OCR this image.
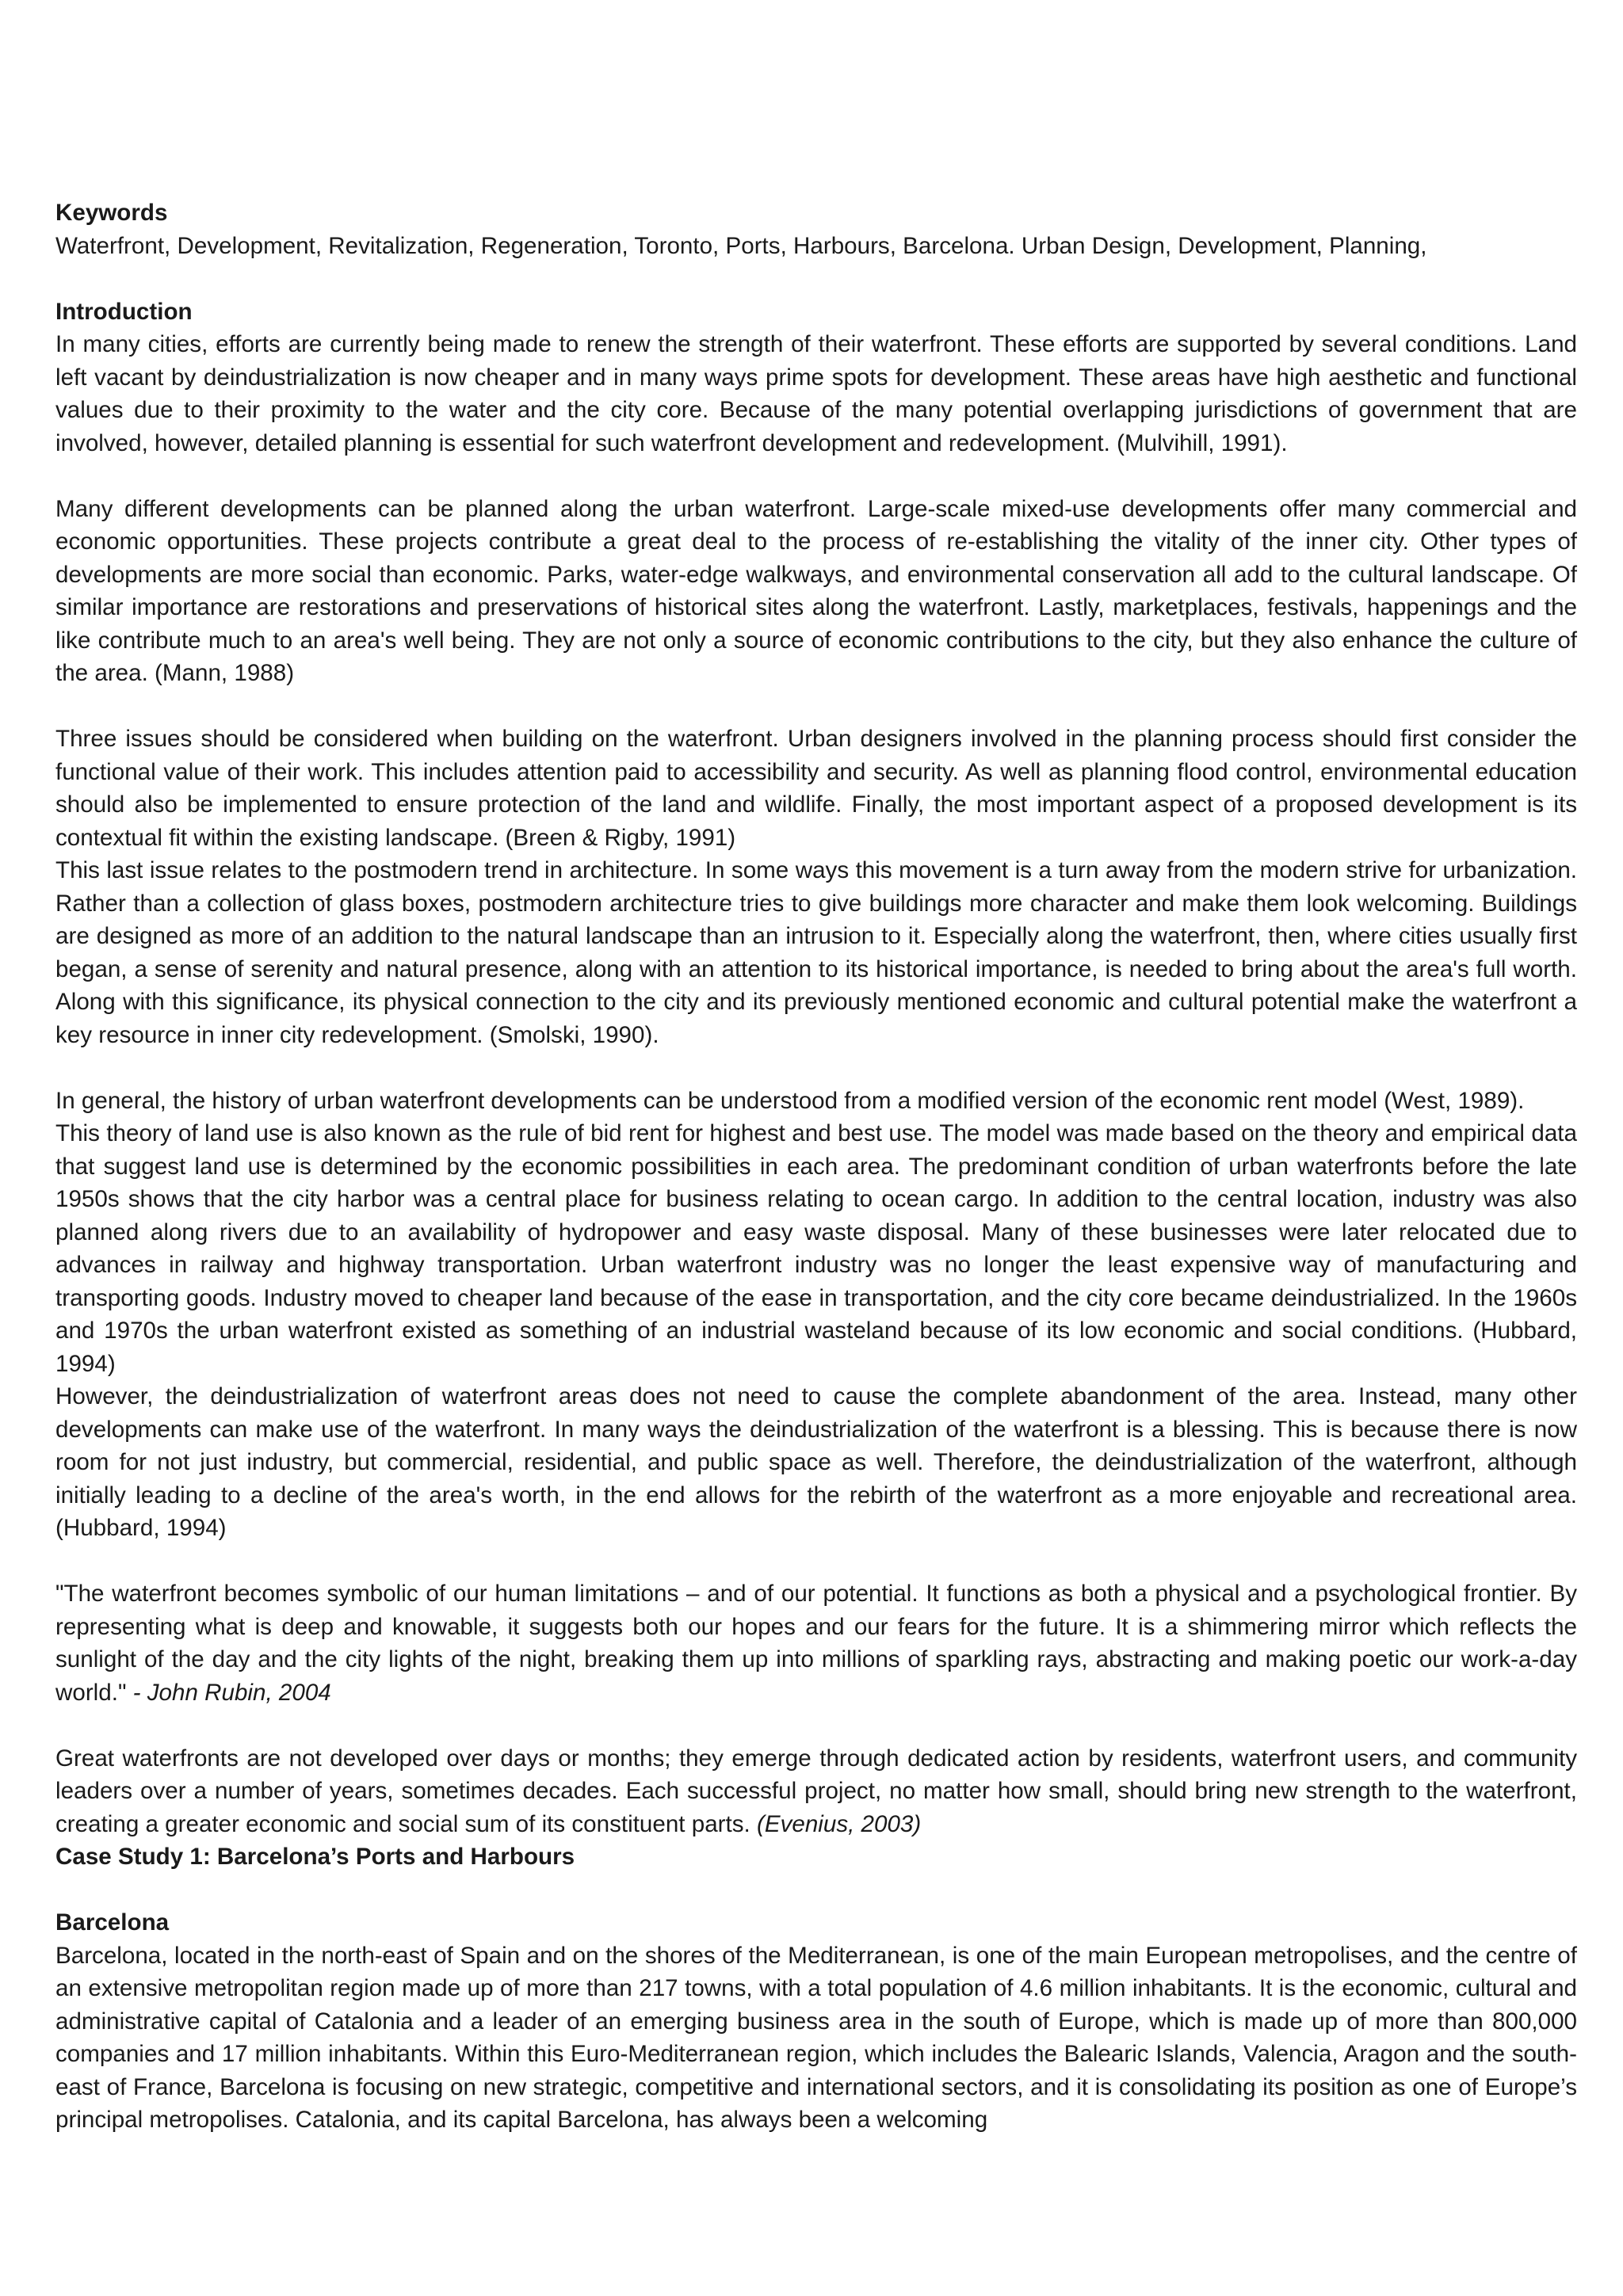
Keywords

Waterfront, Development, Revitalization, Regeneration, Toronto, Ports, Harbours, Barcelona. Urban Design, Development, Planning,

Introduction

In many cities, efforts are currently being made to renew the strength of their waterfront. These efforts are supported by several conditions. Land left vacant by deindustrialization is now cheaper and in many ways prime spots for development. These areas have high aesthetic and functional values due to their proximity to the water and the city core. Because of the many potential overlapping jurisdictions of government that are involved, however, detailed planning is essential for such waterfront development and redevelopment. (Mulvihill, 1991).

Many different developments can be planned along the urban waterfront. Large-scale mixed-use developments offer many commercial and economic opportunities. These projects contribute a great deal to the process of re-establishing the vitality of the inner city. Other types of developments are more social than economic. Parks, water-edge walkways, and environmental conservation all add to the cultural landscape. Of similar importance are restorations and preservations of historical sites along the waterfront. Lastly, marketplaces, festivals, happenings and the like contribute much to an area's well being. They are not only a source of economic contributions to the city, but they also enhance the culture of the area. (Mann, 1988)

Three issues should be considered when building on the waterfront. Urban designers involved in the planning process should first consider the functional value of their work. This includes attention paid to accessibility and security. As well as planning flood control, environmental education should also be implemented to ensure protection of the land and wildlife. Finally, the most important aspect of a proposed development is its contextual fit within the existing landscape. (Breen & Rigby, 1991)

This last issue relates to the postmodern trend in architecture. In some ways this movement is a turn away from the modern strive for urbanization. Rather than a collection of glass boxes, postmodern architecture tries to give buildings more character and make them look welcoming. Buildings are designed as more of an addition to the natural landscape than an intrusion to it. Especially along the waterfront, then, where cities usually first began, a sense of serenity and natural presence, along with an attention to its historical importance, is needed to bring about the area's full worth. Along with this significance, its physical connection to the city and its previously mentioned economic and cultural potential make the waterfront a key resource in inner city redevelopment. (Smolski, 1990).

In general, the history of urban waterfront developments can be understood from a modified version of the economic rent model (West, 1989).

This theory of land use is also known as the rule of bid rent for highest and best use. The model was made based on the theory and empirical data that suggest land use is determined by the economic possibilities in each area. The predominant condition of urban waterfronts before the late 1950s shows that the city harbor was a central place for business relating to ocean cargo. In addition to the central location, industry was also planned along rivers due to an availability of hydropower and easy waste disposal. Many of these businesses were later relocated due to advances in railway and highway transportation. Urban waterfront industry was no longer the least expensive way of manufacturing and transporting goods. Industry moved to cheaper land because of the ease in transportation, and the city core became deindustrialized. In the 1960s and 1970s the urban waterfront existed as something of an industrial wasteland because of its low economic and social conditions. (Hubbard, 1994)

However, the deindustrialization of waterfront areas does not need to cause the complete abandonment of the area. Instead, many other developments can make use of the waterfront. In many ways the deindustrialization of the waterfront is a blessing. This is because there is now room for not just industry, but commercial, residential, and public space as well. Therefore, the deindustrialization of the waterfront, although initially leading to a decline of the area's worth, in the end allows for the rebirth of the waterfront as a more enjoyable and recreational area. (Hubbard, 1994)

"The waterfront becomes symbolic of our human limitations – and of our potential. It functions as both a physical and a psychological frontier. By representing what is deep and knowable, it suggests both our hopes and our fears for the future. It is a shimmering mirror which reflects the sunlight of the day and the city lights of the night, breaking them up into millions of sparkling rays, abstracting and making poetic our work-a-day world." - John Rubin, 2004

Great waterfronts are not developed over days or months; they emerge through dedicated action by residents, waterfront users, and community leaders over a number of years, sometimes decades. Each successful project, no matter how small, should bring new strength to the waterfront, creating a greater economic and social sum of its constituent parts. (Evenius, 2003)

Case Study 1: Barcelona’s Ports and Harbours

Barcelona

Barcelona, located in the north-east of Spain and on the shores of the Mediterranean, is one of the main European metropolises, and the centre of an extensive metropolitan region made up of more than 217 towns, with a total population of 4.6 million inhabitants. It is the economic, cultural and administrative capital of Catalonia and a leader of an emerging business area in the south of Europe, which is made up of more than 800,000 companies and 17 million inhabitants. Within this Euro-Mediterranean region, which includes the Balearic Islands, Valencia, Aragon and the south- east of France, Barcelona is focusing on new strategic, competitive and international sectors, and it is consolidating its position as one of Europe’s principal metropolises. Catalonia, and its capital Barcelona, has always been a welcoming
